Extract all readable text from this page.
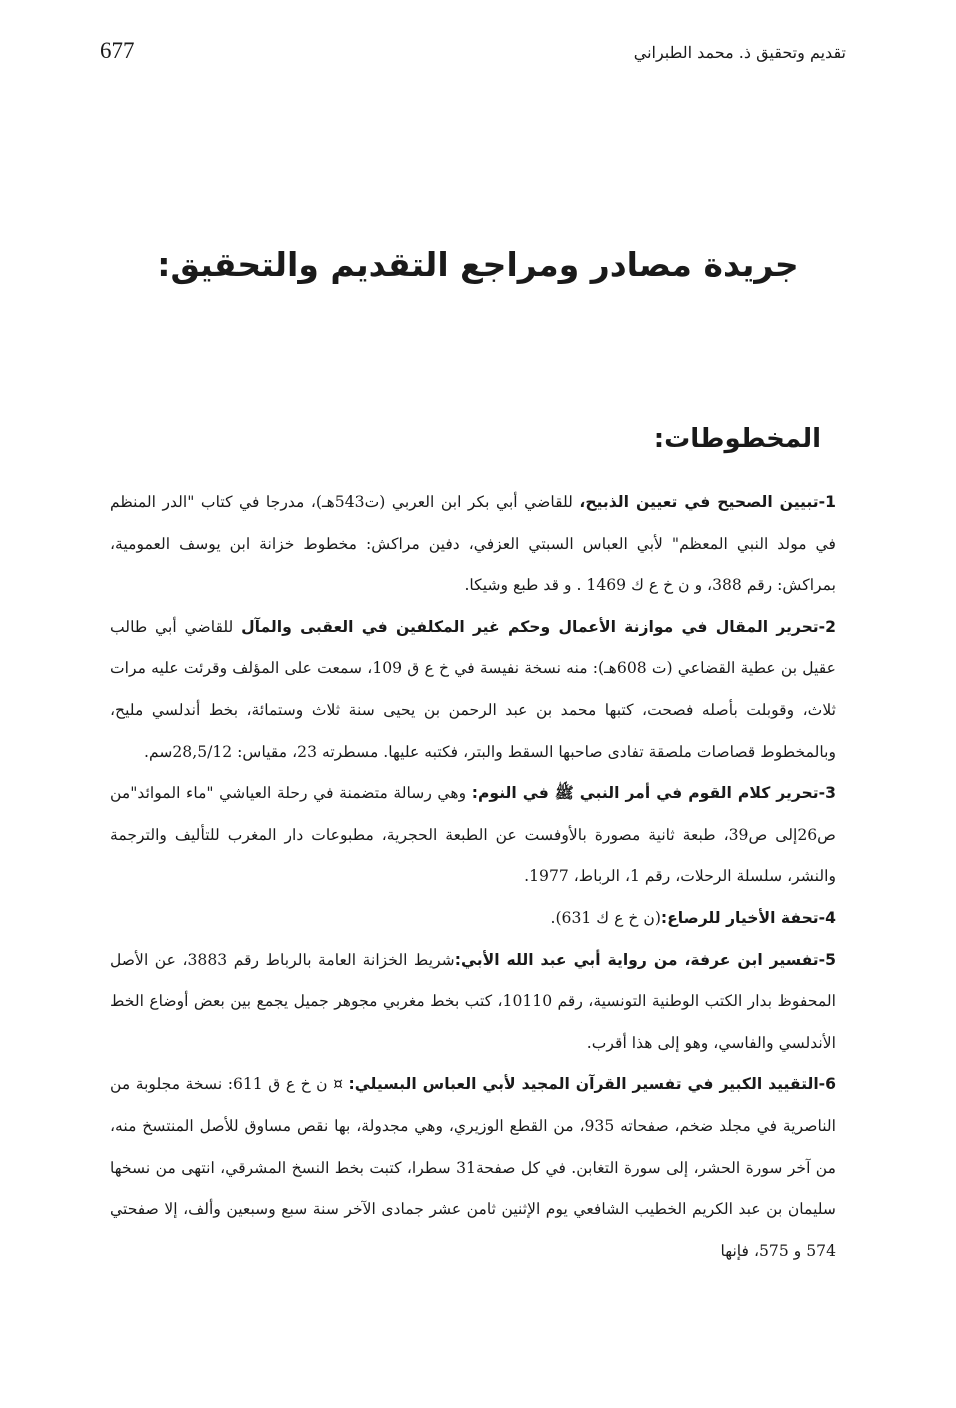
تقديم وتحقيق ذ. محمد الطبراني
677
جريدة مصادر ومراجع التقديم والتحقيق:
المخطوطات:

1-تبيين الصحيح في تعيين الذبيح، للقاضي أبي بكر ابن العربي (ت543هـ)، مدرجا في كتاب "الدر المنظم في مولد النبي المعظم" لأبي العباس السبتي العزفي، دفين مراكش: مخطوط خزانة ابن يوسف العمومية، بمراكش: رقم 388، و ن خ ع ك 1469 . و قد طبع وشيكا.

2-تحرير المقال في موازنة الأعمال وحكم غير المكلفين في العقبى والمآل للقاضي أبي طالب عقيل بن عطية القضاعي (ت 608هـ): منه نسخة نفيسة في خ ع ق 109، سمعت على المؤلف وقرئت عليه مرات ثلاث، وقوبلت بأصله فصحت، كتبها محمد بن عبد الرحمن بن يحيى سنة ثلاث وستمائة، بخط أندلسي مليح، وبالمخطوط قصاصات ملصقة تفادى صاحبها السقط والبتر، فكتبه عليها. مسطرته 23، مقياس: 28,5/12سم.

3-تحرير كلام القوم في أمر النبي ﷺ في النوم: وهي رسالة متضمنة في رحلة العياشي "ماء الموائد"من ص26إلى ص39، طبعة ثانية مصورة بالأوفست عن الطبعة الحجرية، مطبوعات دار المغرب للتأليف والترجمة والنشر، سلسلة الرحلات، رقم 1، الرباط، 1977.

4-تحفة الأخيار للرصاع:(ن خ ع ك 631).

5-تفسير ابن عرفة، من رواية أبي عبد الله الأبي:شريط الخزانة العامة بالرباط رقم 3883، عن الأصل المحفوظ بدار الكتب الوطنية التونسية، رقم 10110، كتب بخط مغربي مجوهر جميل يجمع بين بعض أوضاع الخط الأندلسي والفاسي، وهو إلى هذا أقرب.

6-التقييد الكبير في تفسير القرآن المجيد لأبي العباس البسيلي: ¤ ن خ ع ق 611: نسخة مجلوبة من الناصرية في مجلد ضخم، صفحاته 935، من القطع الوزيري، وهي مجدولة، بها نقص مساوق للأصل المنتسخ منه، من آخر سورة الحشر، إلى سورة التغابن. في كل صفحة31 سطرا، كتبت بخط النسخ المشرقي، انتهى من نسخها سليمان بن عبد الكريم الخطيب الشافعي يوم الإثنين ثامن عشر جمادى الآخر سنة سبع وسبعين وألف، إلا صفحتي 574 و 575، فإنها
